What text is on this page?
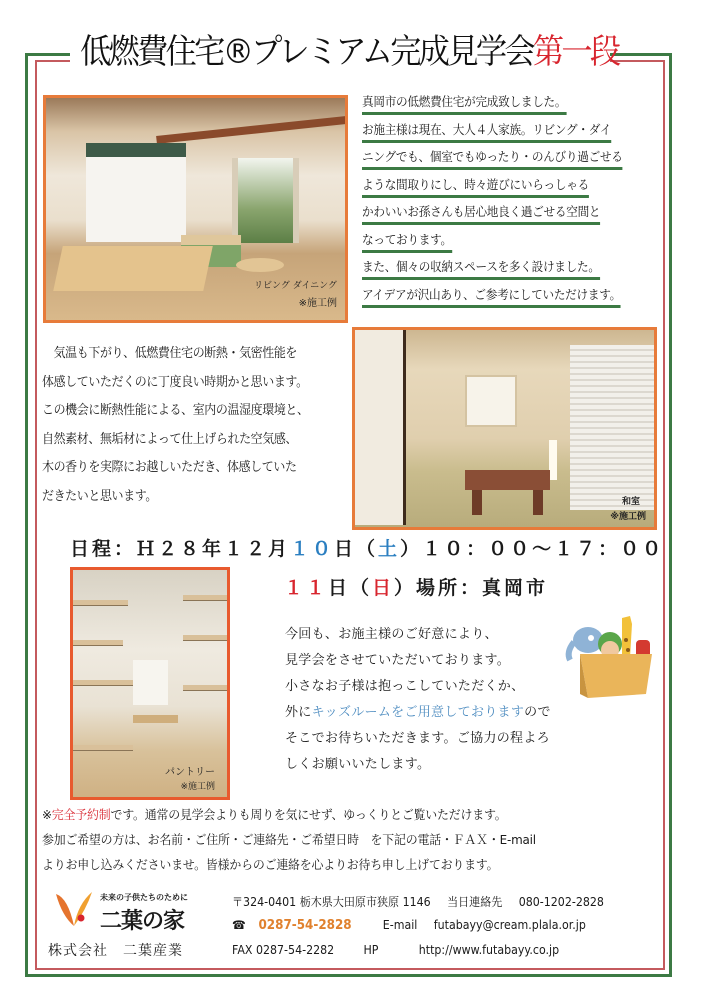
低燃費住宅®プレミアム完成見学会第一段
リビング ダイニング
※施工例
真岡市の低燃費住宅が完成致しました。
お施主様は現在、大人４人家族。リビング・ダイ
ニングでも、個室でもゆったり・のんびり過ごせる
ような間取りにし、時々遊びにいらっしゃる
かわいいお孫さんも居心地良く過ごせる空間と
なっております。
また、個々の収納スペースを多く設けました。
アイデアが沢山あり、ご参考にしていただけます。
　気温も下がり、低燃費住宅の断熱・気密性能を
体感していただくのに丁度良い時期かと思います。
この機会に断熱性能による、室内の温湿度環境と、
自然素材、無垢材によって仕上げられた空気感、
木の香りを実際にお越しいただき、体感していた
だきたいと思います。	和室
※施工例
日程：Ｈ２８年１２月１０日（土）１０：００～１７：００
１１日（日）場所：真岡市
パントリー
※施工例
今回も、お施主様のご好意により、
見学会をさせていただいております。
小さなお子様は抱っこしていただくか、
外にキッズルームをご用意しておりますので
そこでお待ちいただきます。ご協力の程よろ
しくお願いいたします。
※完全予約制です。通常の見学会よりも周りを気にせず、ゆっくりとご覧いただけます。
参加ご希望の方は、お名前・ご住所・ご連絡先・ご希望日時　を下記の電話・ＦＡＸ・E-mail
よりお申し込みくださいませ。皆様からのご連絡を心よりお待ち申し上げております。
未来の子供たちのために
二葉の家
株式会社　二葉産業
〒324-0401 栃木県大田原市狭原 1146 当日連絡先 080-1202-2828
☎ 0287-54-2828	E-mail futabayy@cream.plala.or.jp
FAX 0287-54-2282 HP	http://www.futabayy.co.jp
